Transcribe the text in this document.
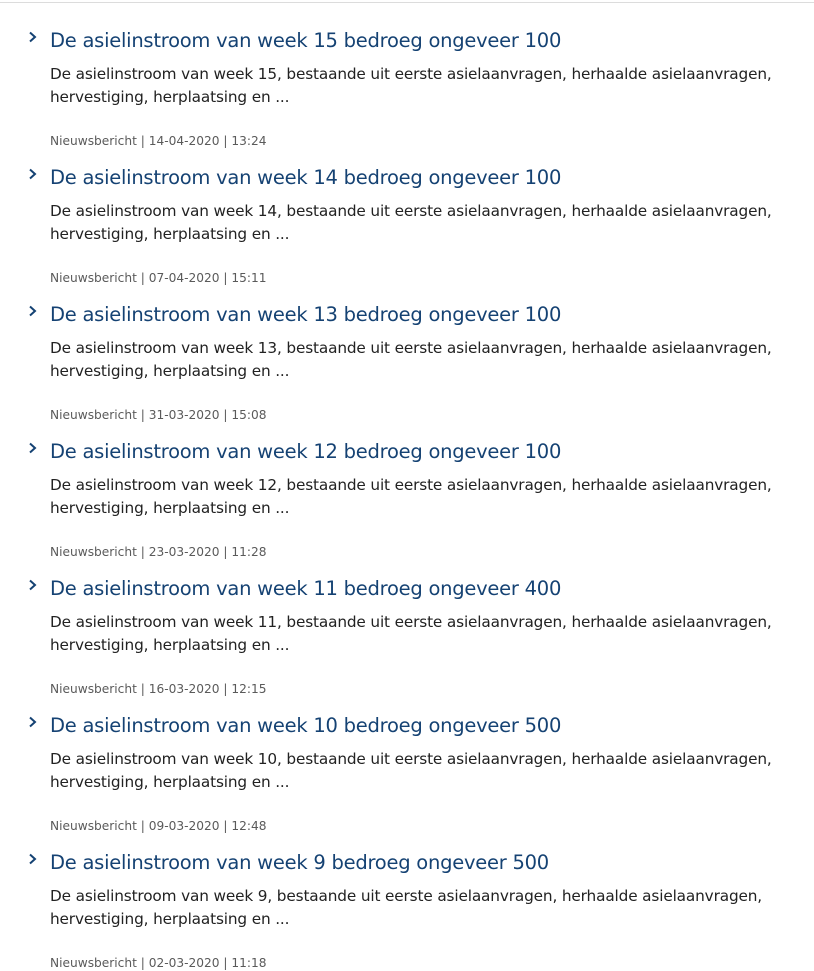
De asielinstroom van week 15 bedroeg ongeveer 100

De asielinstroom van week 15, bestaande uit eerste asielaanvragen, herhaalde asielaanvragen,
hervestiging, herplaatsing en ...

Nieuwsbericht | 14-04-2020 | 13:24
De asielinstroom van week 14 bedroeg ongeveer 100

De asielinstroom van week 14, bestaande uit eerste asielaanvragen, herhaalde asielaanvragen,
hervestiging, herplaatsing en ...

Nieuwsbericht | 07-04-2020 | 15:11
De asielinstroom van week 13 bedroeg ongeveer 100

De asielinstroom van week 13, bestaande uit eerste asielaanvragen, herhaalde asielaanvragen,
hervestiging, herplaatsing en ...

Nieuwsbericht | 31-03-2020 | 15:08
De asielinstroom van week 12 bedroeg ongeveer 100

De asielinstroom van week 12, bestaande uit eerste asielaanvragen, herhaalde asielaanvragen,
hervestiging, herplaatsing en ...

Nieuwsbericht | 23-03-2020 | 11:28
De asielinstroom van week 11 bedroeg ongeveer 400

De asielinstroom van week 11, bestaande uit eerste asielaanvragen, herhaalde asielaanvragen,
hervestiging, herplaatsing en ...

Nieuwsbericht | 16-03-2020 | 12:15
De asielinstroom van week 10 bedroeg ongeveer 500

De asielinstroom van week 10, bestaande uit eerste asielaanvragen, herhaalde asielaanvragen,
hervestiging, herplaatsing en ...

Nieuwsbericht | 09-03-2020 | 12:48
De asielinstroom van week 9 bedroeg ongeveer 500

De asielinstroom van week 9, bestaande uit eerste asielaanvragen, herhaalde asielaanvragen,
hervestiging, herplaatsing en ...

Nieuwsbericht | 02-03-2020 | 11:18
